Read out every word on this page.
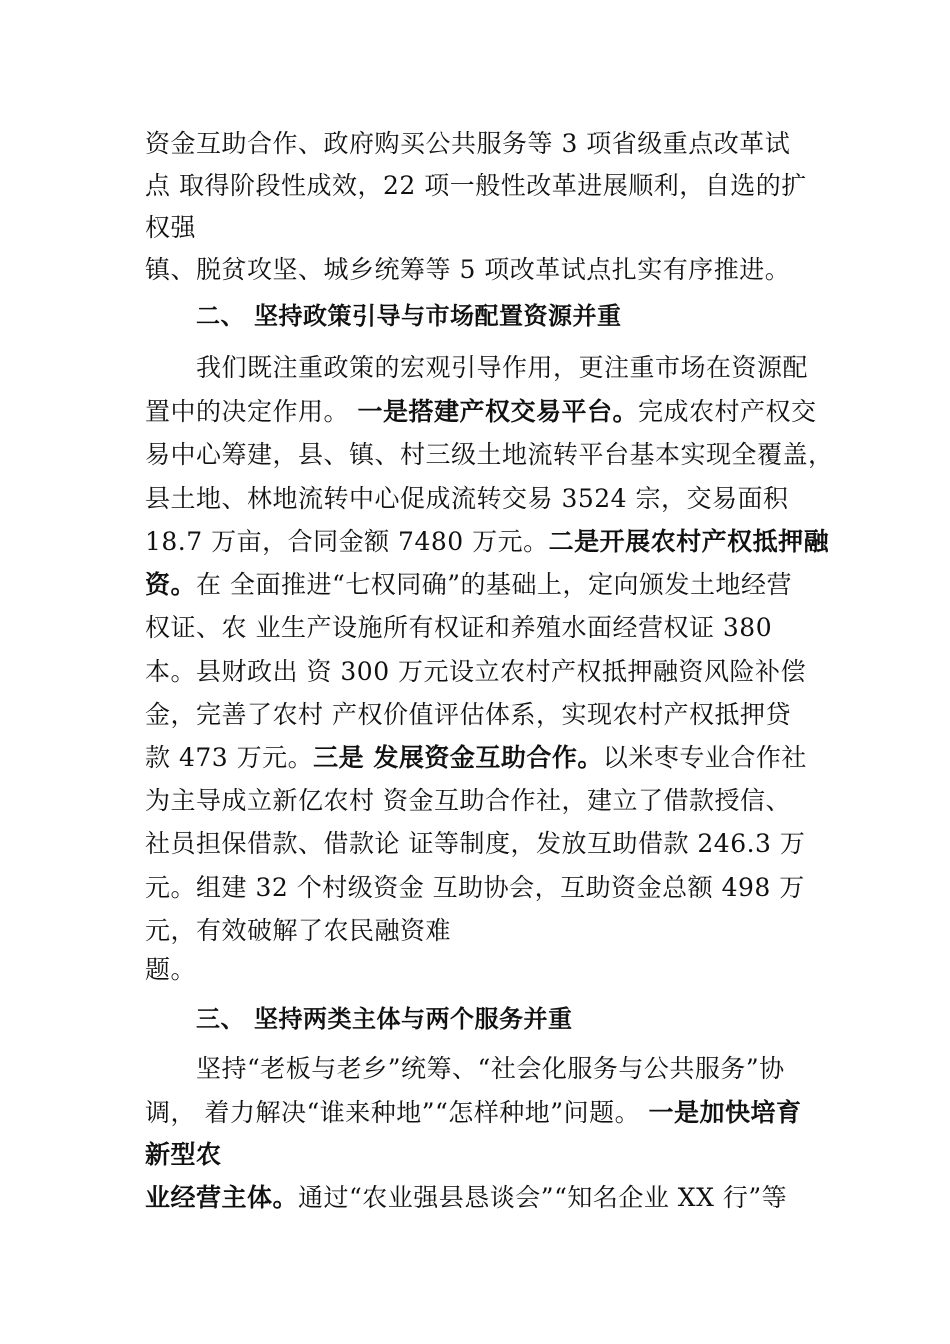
资金互助合作、政府购买公共服务等 3 项省级重点改革试
点 取得阶段性成效，22 项一般性改革进展顺利，自选的扩
权强
镇、脱贫攻坚、城乡统筹等 5 项改革试点扎实有序推进。
二、 坚持政策引导与市场配置资源并重
我们既注重政策的宏观引导作用，更注重市场在资源配
置中的决定作用。 一是搭建产权交易平台。完成农村产权交
易中心筹建，县、镇、村三级土地流转平台基本实现全覆盖，
县土地、林地流转中心促成流转交易 3524 宗，交易面积
18.7 万亩，合同金额 7480 万元。二是开展农村产权抵押融
资。在 全面推进“七权同确”的基础上，定向颁发土地经营
权证、农 业生产设施所有权证和养殖水面经营权证 380
本。县财政出 资 300 万元设立农村产权抵押融资风险补偿
金，完善了农村 产权价值评估体系，实现农村产权抵押贷
款 473 万元。三是 发展资金互助合作。以米枣专业合作社
为主导成立新亿农村 资金互助合作社，建立了借款授信、
社员担保借款、借款论 证等制度，发放互助借款 246.3 万
元。组建 32 个村级资金 互助协会，互助资金总额 498 万
元，有效破解了农民融资难
题。
三、 坚持两类主体与两个服务并重
坚持“老板与老乡”统筹、“社会化服务与公共服务”协
调， 着力解决“谁来种地”“怎样种地”问题。 一是加快培育
新型农
业经营主体。通过“农业强县恳谈会”“知名企业 XX 行”等
